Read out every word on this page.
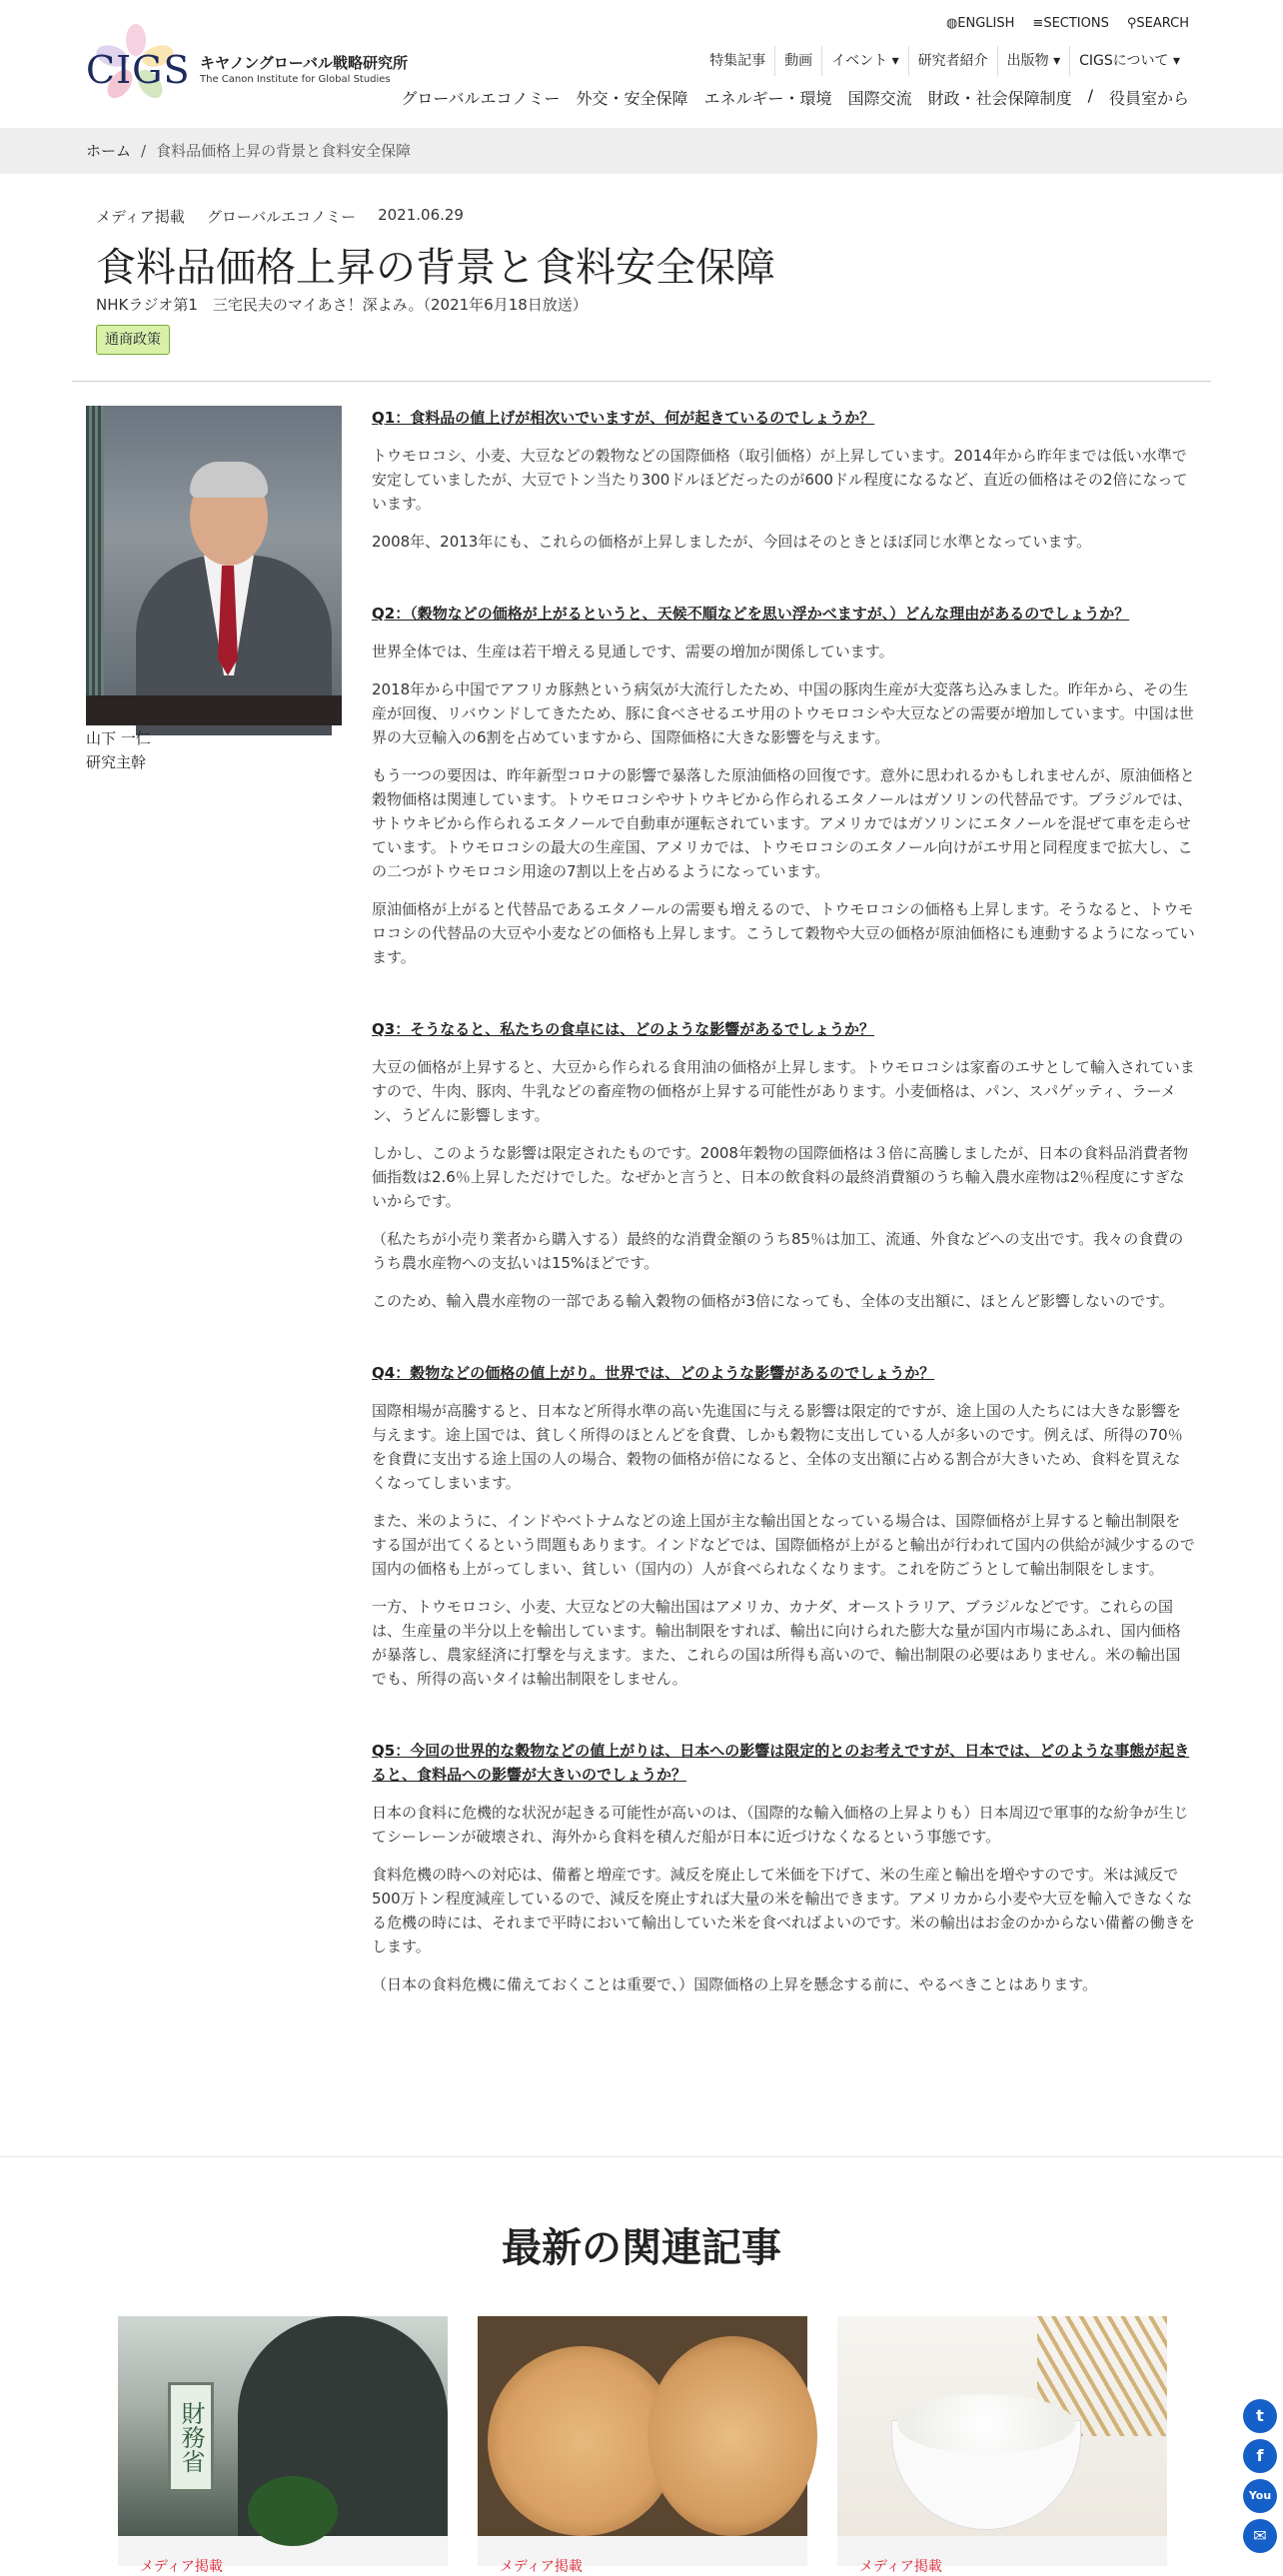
CIGS キヤノングローバル戦略研究所
The Canon Institute for Global Studies
◍ENGLISH ≡SECTIONS ⚲SEARCH
特集記事	動画	イベント ▾	研究者紹介	出版物 ▾	CIGSについて ▾
グローバルエコノミー 外交・安全保障 エネルギー・環境 国際交流 財政・社会保障制度 / 役員室から
ホーム / 食料品価格上昇の背景と食料安全保障
メディア掲載 グローバルエコノミー 2021.06.29
食料品価格上昇の背景と食料安全保障
NHKラジオ第1　三宅民夫のマイあさ！深よみ。（2021年6月18日放送）
通商政策
山下 一仁
研究主幹
Q1：食料品の値上げが相次いでいますが、何が起きているのでしょうか？

トウモロコシ、小麦、大豆などの穀物などの国際価格（取引価格）が上昇しています。2014年から昨年までは低い水準で安定していましたが、大豆でトン当たり300ドルほどだったのが600ドル程度になるなど、直近の価格はその2倍になっています。

2008年、2013年にも、これらの価格が上昇しましたが、今回はそのときとほぼ同じ水準となっています。

Q2：（穀物などの価格が上がるというと、天候不順などを思い浮かべますが、）どんな理由があるのでしょうか？

世界全体では、生産は若干増える見通しです、需要の増加が関係しています。

2018年から中国でアフリカ豚熱という病気が大流行したため、中国の豚肉生産が大変落ち込みました。昨年から、その生産が回復、リバウンドしてきたため、豚に食べさせるエサ用のトウモロコシや大豆などの需要が増加しています。中国は世界の大豆輸入の6割を占めていますから、国際価格に大きな影響を与えます。

もう一つの要因は、昨年新型コロナの影響で暴落した原油価格の回復です。意外に思われるかもしれませんが、原油価格と穀物価格は関連しています。トウモロコシやサトウキビから作られるエタノールはガソリンの代替品です。ブラジルでは、サトウキビから作られるエタノールで自動車が運転されています。アメリカではガソリンにエタノールを混ぜて車を走らせています。トウモロコシの最大の生産国、アメリカでは、トウモロコシのエタノール向けがエサ用と同程度まで拡大し、この二つがトウモロコシ用途の7割以上を占めるようになっています。

原油価格が上がると代替品であるエタノールの需要も増えるので、トウモロコシの価格も上昇します。そうなると、トウモロコシの代替品の大豆や小麦などの価格も上昇します。こうして穀物や大豆の価格が原油価格にも連動するようになっています。

Q3：そうなると、私たちの食卓には、どのような影響があるでしょうか？

大豆の価格が上昇すると、大豆から作られる食用油の価格が上昇します。トウモロコシは家畜のエサとして輸入されていますので、牛肉、豚肉、牛乳などの畜産物の価格が上昇する可能性があります。小麦価格は、パン、スパゲッティ、ラーメン、うどんに影響します。

しかし、このような影響は限定されたものです。2008年穀物の国際価格は３倍に高騰しましたが、日本の食料品消費者物価指数は2.6％上昇しただけでした。なぜかと言うと、日本の飲食料の最終消費額のうち輸入農水産物は2％程度にすぎないからです。

（私たちが小売り業者から購入する）最終的な消費金額のうち85％は加工、流通、外食などへの支出です。我々の食費のうち農水産物への支払いは15%ほどです。

このため、輸入農水産物の一部である輸入穀物の価格が3倍になっても、全体の支出額に、ほとんど影響しないのです。

Q4：穀物などの価格の値上がり。世界では、どのような影響があるのでしょうか？

国際相場が高騰すると、日本など所得水準の高い先進国に与える影響は限定的ですが、途上国の人たちには大きな影響を与えます。途上国では、貧しく所得のほとんどを食費、しかも穀物に支出している人が多いのです。例えば、所得の70％を食費に支出する途上国の人の場合、穀物の価格が倍になると、全体の支出額に占める割合が大きいため、食料を買えなくなってしまいます。

また、米のように、インドやベトナムなどの途上国が主な輸出国となっている場合は、国際価格が上昇すると輸出制限をする国が出てくるという問題もあります。インドなどでは、国際価格が上がると輸出が行われて国内の供給が減少するので国内の価格も上がってしまい、貧しい（国内の）人が食べられなくなります。これを防ごうとして輸出制限をします。

一方、トウモロコシ、小麦、大豆などの大輸出国はアメリカ、カナダ、オーストラリア、ブラジルなどです。これらの国は、生産量の半分以上を輸出しています。輸出制限をすれば、輸出に向けられた膨大な量が国内市場にあふれ、国内価格が暴落し、農家経済に打撃を与えます。また、これらの国は所得も高いので、輸出制限の必要はありません。米の輸出国でも、所得の高いタイは輸出制限をしません。

Q5：今回の世界的な穀物などの値上がりは、日本への影響は限定的とのお考えですが、日本では、どのような事態が起きると、食料品への影響が大きいのでしょうか？

日本の食料に危機的な状況が起きる可能性が高いのは、（国際的な輸入価格の上昇よりも）日本周辺で軍事的な紛争が生じてシーレーンが破壊され、海外から食料を積んだ船が日本に近づけなくなるという事態です。

食料危機の時への対応は、備蓄と増産です。減反を廃止して米価を下げて、米の生産と輸出を増やすのです。米は減反で500万トン程度減産しているので、減反を廃止すれば大量の米を輸出できます。アメリカから小麦や大豆を輸入できなくなる危機の時には、それまで平時において輸出していた米を食べればよいのです。米の輸出はお金のかからない備蓄の働きをします。

（日本の食料危機に備えておくことは重要で、）国際価格の上昇を懸念する前に、やるべきことはあります。

最新の関連記事
財務省
メディア掲載	メディア掲載	メディア掲載
t
f
You
✉
